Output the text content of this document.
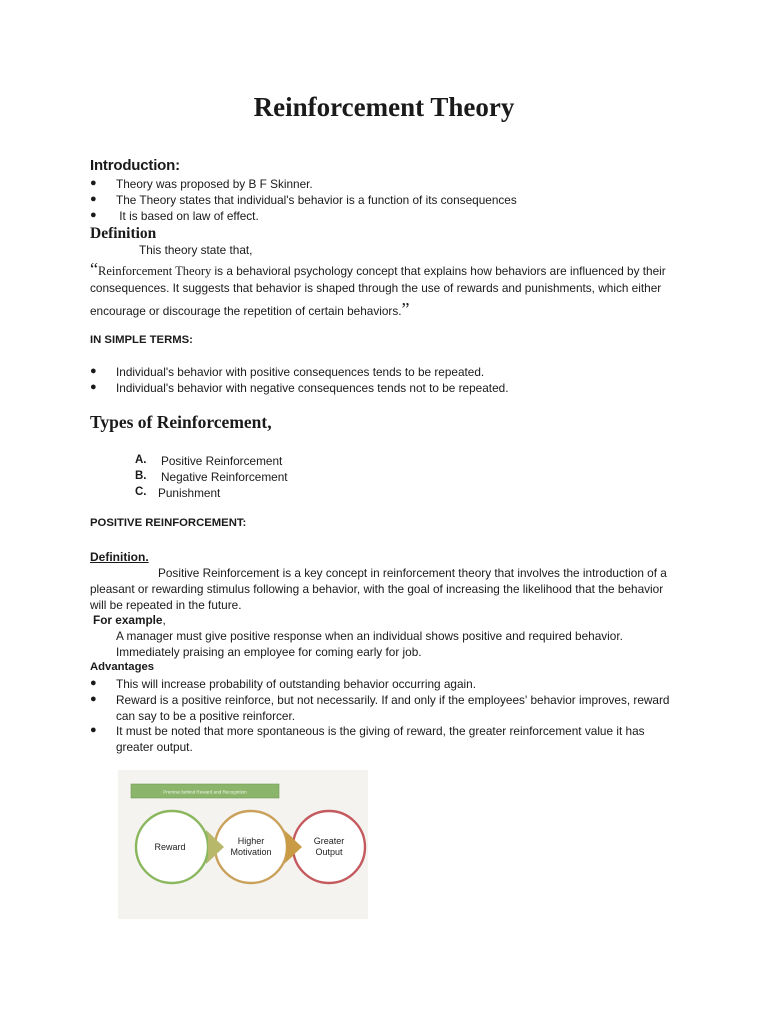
Reinforcement Theory
Introduction:
● Theory was proposed by B F Skinner.
● The Theory states that individual's behavior is a function of its consequences
● It is based on law of effect.
Definition
This theory state that,
“Reinforcement Theory is a behavioral psychology concept that explains how behaviors are influenced by their
consequences. It suggests that behavior is shaped through the use of rewards and punishments, which either
encourage or discourage the repetition of certain behaviors.”
IN SIMPLE TERMS:
● Individual's behavior with positive consequences tends to be repeated.
● Individual's behavior with negative consequences tends not to be repeated.
Types of Reinforcement,
A. Positive Reinforcement
B. Negative Reinforcement
C. Punishment
POSITIVE REINFORCEMENT:
Definition.
Positive Reinforcement is a key concept in reinforcement theory that involves the introduction of a
pleasant or rewarding stimulus following a behavior, with the goal of increasing the likelihood that the behavior
will be repeated in the future.
For example,
A manager must give positive response when an individual shows positive and required behavior.
Immediately praising an employee for coming early for job.
Advantages
● This will increase probability of outstanding behavior occurring again.
● Reward is a positive reinforce, but not necessarily. If and only if the employees' behavior improves, reward
can say to be a positive reinforcer.
● It must be noted that more spontaneous is the giving of reward, the greater reinforcement value it has
greater output.
Premise behind Reward and Recognition
Reward
Higher
Motivation
Greater
Output
